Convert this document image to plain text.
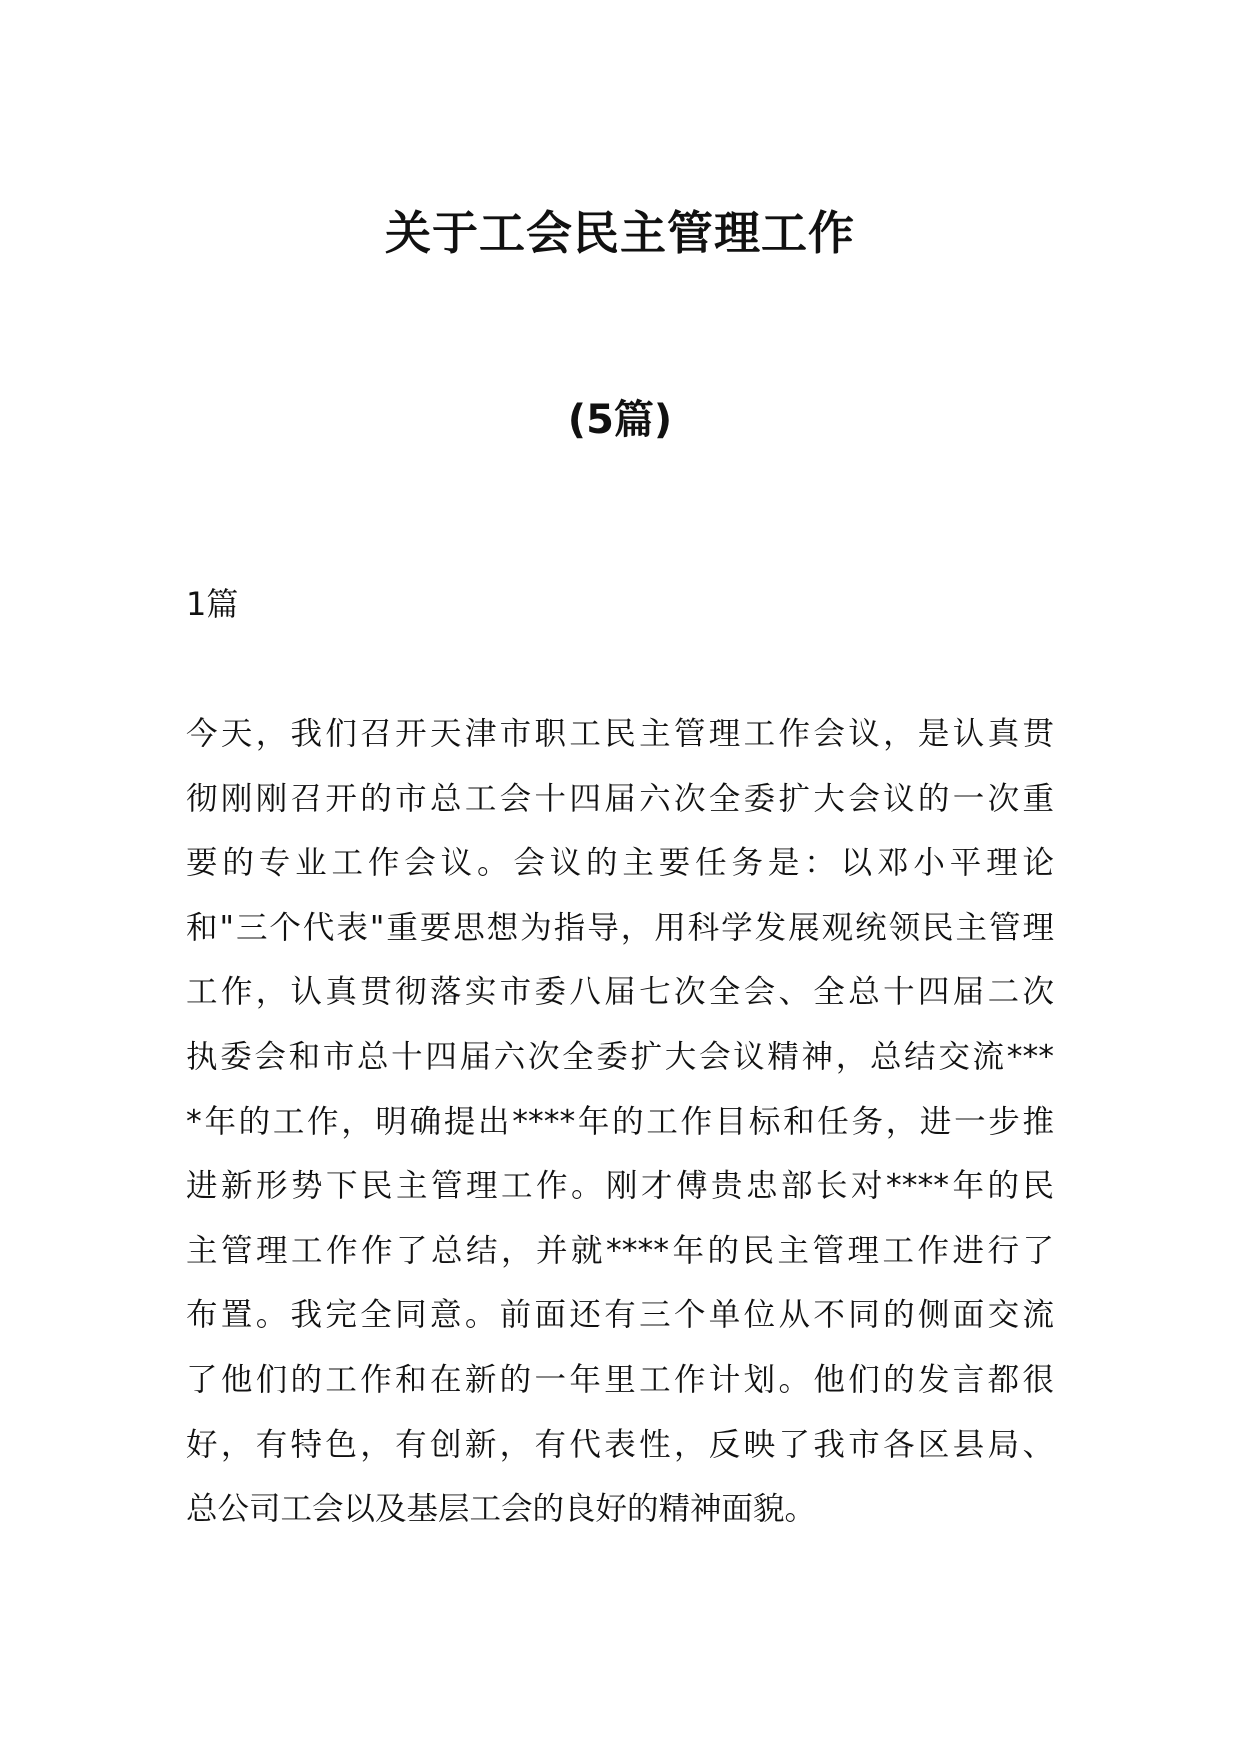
关于工会民主管理工作
(5篇)

1篇

今天，我们召开天津市职工民主管理工作会议，是认真贯
彻刚刚召开的市总工会十四届六次全委扩大会议的一次重
要的专业工作会议。会议的主要任务是：以邓小平理论
和"三个代表"重要思想为指导，用科学发展观统领民主管理
工作，认真贯彻落实市委八届七次全会、全总十四届二次
执委会和市总十四届六次全委扩大会议精神，总结交流***
*年的工作，明确提出****年的工作目标和任务，进一步推
进新形势下民主管理工作。刚才傅贵忠部长对****年的民
主管理工作作了总结，并就****年的民主管理工作进行了
布置。我完全同意。前面还有三个单位从不同的侧面交流
了他们的工作和在新的一年里工作计划。他们的发言都很
好，有特色，有创新，有代表性，反映了我市各区县局、
总公司工会以及基层工会的良好的精神面貌。
